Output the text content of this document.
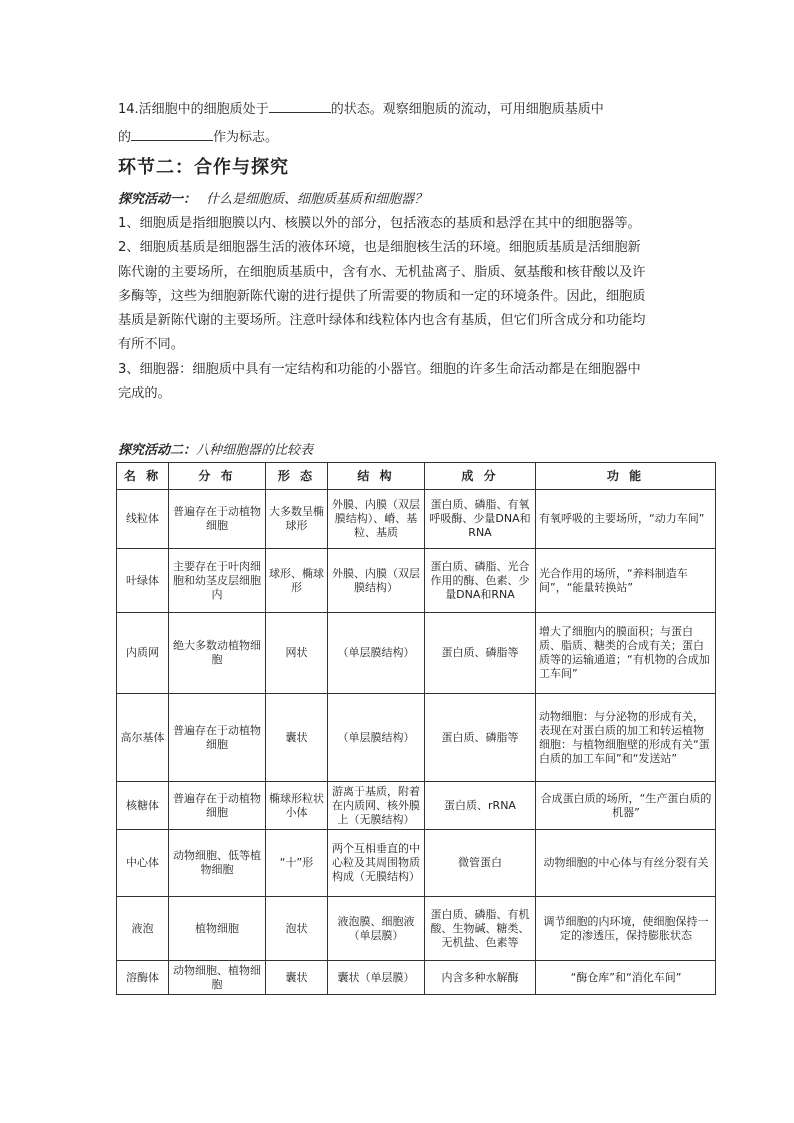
14.活细胞中的细胞质处于	的状态。观察细胞质的流动，可用细胞质基质中
的	作为标志。
环节二：合作与探究
探究活动一： 什么是细胞质、细胞质基质和细胞器？
1、细胞质是指细胞膜以内、核膜以外的部分，包括液态的基质和悬浮在其中的细胞器等。
2、细胞质基质是细胞器生活的液体环境，也是细胞核生活的环境。细胞质基质是活细胞新
陈代谢的主要场所，在细胞质基质中，含有水、无机盐离子、脂质、氨基酸和核苷酸以及许
多酶等，这些为细胞新陈代谢的进行提供了所需要的物质和一定的环境条件。因此，细胞质
基质是新陈代谢的主要场所。注意叶绿体和线粒体内也含有基质，但它们所含成分和功能均
有所不同。
3、细胞器：细胞质中具有一定结构和功能的小器官。细胞的许多生命活动都是在细胞器中
完成的。
探究活动二：八种细胞器的比较表
名 称	分 布	形 态	结 构	成 分	功 能
线粒体	普遍存在于动植物细胞	大多数呈椭球形	外膜、内膜（双层膜结构）、嵴、基粒、基质	蛋白质、磷脂、有氧呼吸酶、少量DNA和RNA	有氧呼吸的主要场所，“动力车间”
叶绿体	主要存在于叶肉细胞和幼茎皮层细胞内	球形、椭球形	外膜、内膜（双层膜结构）	蛋白质、磷脂、光合作用的酶、色素、少量DNA和RNA	光合作用的场所，“养料制造车间”，“能量转换站”
内质网	绝大多数动植物细胞	网状	（单层膜结构）	蛋白质、磷脂等	增大了细胞内的膜面积；与蛋白质、脂质、糖类的合成有关；蛋白质等的运输通道；“有机物的合成加工车间”
高尔基体	普遍存在于动植物细胞	囊状	（单层膜结构）	蛋白质、磷脂等	动物细胞：与分泌物的形成有关，表现在对蛋白质的加工和转运植物细胞：与植物细胞壁的形成有关“蛋白质的加工车间”和“发送站”
核糖体	普遍存在于动植物细胞	椭球形粒状小体	游离于基质，附着在内质网、核外膜上（无膜结构）	蛋白质、rRNA	合成蛋白质的场所，“生产蛋白质的机器”
中心体	动物细胞、低等植物细胞	“十”形	两个互相垂直的中心粒及其周围物质构成（无膜结构）	微管蛋白	动物细胞的中心体与有丝分裂有关
液泡	植物细胞	泡状	液泡膜、细胞液（单层膜）	蛋白质、磷脂、有机酸、生物碱、糖类、无机盐、色素等	调节细胞的内环境，使细胞保持一定的渗透压，保持膨胀状态
溶酶体	动物细胞、植物细胞	囊状	囊状（单层膜）	内含多种水解酶	“酶仓库”和“消化车间”
